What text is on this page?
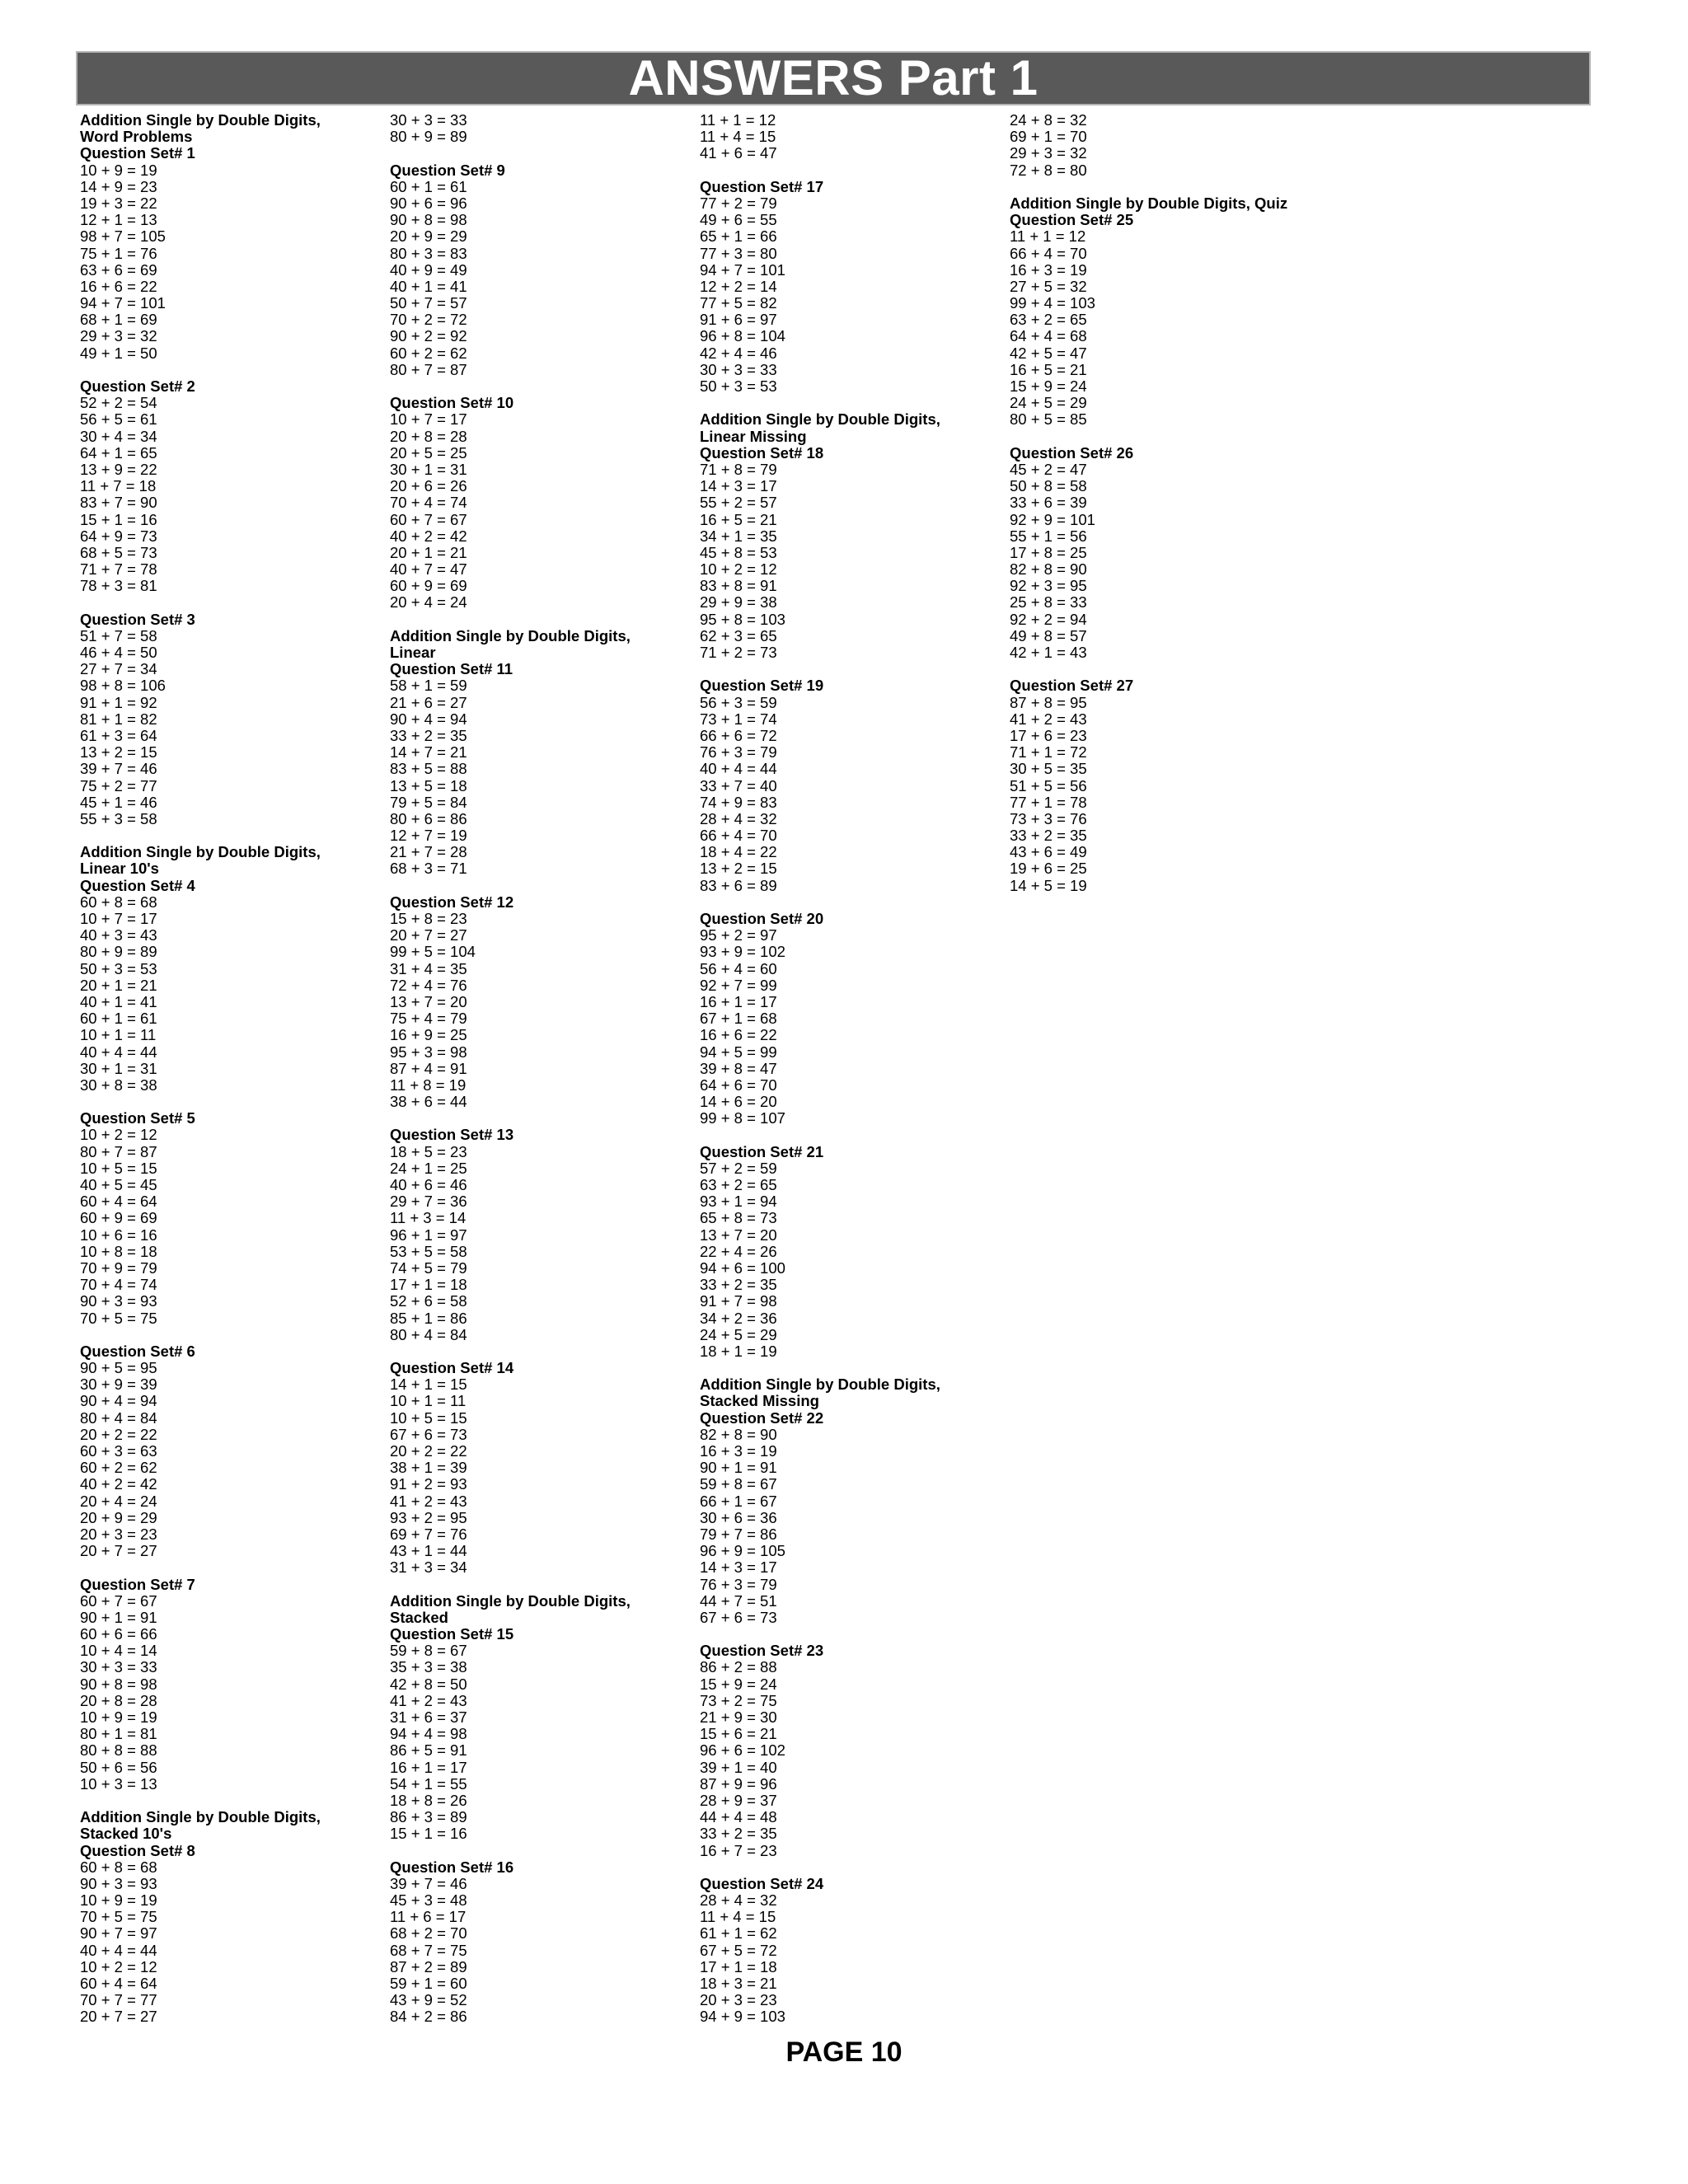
ANSWERS Part 1
Addition Single by Double Digits,
Word Problems
Question Set# 1
10 + 9 = 19
14 + 9 = 23
19 + 3 = 22
12 + 1 = 13
98 + 7 = 105
75 + 1 = 76
63 + 6 = 69
16 + 6 = 22
94 + 7 = 101
68 + 1 = 69
29 + 3 = 32
49 + 1 = 50
Question Set# 2
52 + 2 = 54
56 + 5 = 61
30 + 4 = 34
64 + 1 = 65
13 + 9 = 22
11 + 7 = 18
83 + 7 = 90
15 + 1 = 16
64 + 9 = 73
68 + 5 = 73
71 + 7 = 78
78 + 3 = 81
Question Set# 3
51 + 7 = 58
46 + 4 = 50
27 + 7 = 34
98 + 8 = 106
91 + 1 = 92
81 + 1 = 82
61 + 3 = 64
13 + 2 = 15
39 + 7 = 46
75 + 2 = 77
45 + 1 = 46
55 + 3 = 58
Addition Single by Double Digits,
Linear 10's
Question Set# 4
60 + 8 = 68
10 + 7 = 17
40 + 3 = 43
80 + 9 = 89
50 + 3 = 53
20 + 1 = 21
40 + 1 = 41
60 + 1 = 61
10 + 1 = 11
40 + 4 = 44
30 + 1 = 31
30 + 8 = 38
Question Set# 5
10 + 2 = 12
80 + 7 = 87
10 + 5 = 15
40 + 5 = 45
60 + 4 = 64
60 + 9 = 69
10 + 6 = 16
10 + 8 = 18
70 + 9 = 79
70 + 4 = 74
90 + 3 = 93
70 + 5 = 75
Question Set# 6
90 + 5 = 95
30 + 9 = 39
90 + 4 = 94
80 + 4 = 84
20 + 2 = 22
60 + 3 = 63
60 + 2 = 62
40 + 2 = 42
20 + 4 = 24
20 + 9 = 29
20 + 3 = 23
20 + 7 = 27
Question Set# 7
60 + 7 = 67
90 + 1 = 91
60 + 6 = 66
10 + 4 = 14
30 + 3 = 33
90 + 8 = 98
20 + 8 = 28
10 + 9 = 19
80 + 1 = 81
80 + 8 = 88
50 + 6 = 56
10 + 3 = 13
Addition Single by Double Digits,
Stacked 10's
Question Set# 8
60 + 8 = 68
90 + 3 = 93
10 + 9 = 19
70 + 5 = 75
90 + 7 = 97
40 + 4 = 44
10 + 2 = 12
60 + 4 = 64
70 + 7 = 77
20 + 7 = 27
30 + 3 = 33
80 + 9 = 89
Question Set# 9
60 + 1 = 61
90 + 6 = 96
90 + 8 = 98
20 + 9 = 29
80 + 3 = 83
40 + 9 = 49
40 + 1 = 41
50 + 7 = 57
70 + 2 = 72
90 + 2 = 92
60 + 2 = 62
80 + 7 = 87
Question Set# 10
10 + 7 = 17
20 + 8 = 28
20 + 5 = 25
30 + 1 = 31
20 + 6 = 26
70 + 4 = 74
60 + 7 = 67
40 + 2 = 42
20 + 1 = 21
40 + 7 = 47
60 + 9 = 69
20 + 4 = 24
Addition Single by Double Digits,
Linear
Question Set# 11
58 + 1 = 59
21 + 6 = 27
90 + 4 = 94
33 + 2 = 35
14 + 7 = 21
83 + 5 = 88
13 + 5 = 18
79 + 5 = 84
80 + 6 = 86
12 + 7 = 19
21 + 7 = 28
68 + 3 = 71
Question Set# 12
15 + 8 = 23
20 + 7 = 27
99 + 5 = 104
31 + 4 = 35
72 + 4 = 76
13 + 7 = 20
75 + 4 = 79
16 + 9 = 25
95 + 3 = 98
87 + 4 = 91
11 + 8 = 19
38 + 6 = 44
Question Set# 13
18 + 5 = 23
24 + 1 = 25
40 + 6 = 46
29 + 7 = 36
11 + 3 = 14
96 + 1 = 97
53 + 5 = 58
74 + 5 = 79
17 + 1 = 18
52 + 6 = 58
85 + 1 = 86
80 + 4 = 84
Question Set# 14
14 + 1 = 15
10 + 1 = 11
10 + 5 = 15
67 + 6 = 73
20 + 2 = 22
38 + 1 = 39
91 + 2 = 93
41 + 2 = 43
93 + 2 = 95
69 + 7 = 76
43 + 1 = 44
31 + 3 = 34
Addition Single by Double Digits,
Stacked
Question Set# 15
59 + 8 = 67
35 + 3 = 38
42 + 8 = 50
41 + 2 = 43
31 + 6 = 37
94 + 4 = 98
86 + 5 = 91
16 + 1 = 17
54 + 1 = 55
18 + 8 = 26
86 + 3 = 89
15 + 1 = 16
Question Set# 16
39 + 7 = 46
45 + 3 = 48
11 + 6 = 17
68 + 2 = 70
68 + 7 = 75
87 + 2 = 89
59 + 1 = 60
43 + 9 = 52
84 + 2 = 86
11 + 1 = 12
11 + 4 = 15
41 + 6 = 47
Question Set# 17
77 + 2 = 79
49 + 6 = 55
65 + 1 = 66
77 + 3 = 80
94 + 7 = 101
12 + 2 = 14
77 + 5 = 82
91 + 6 = 97
96 + 8 = 104
42 + 4 = 46
30 + 3 = 33
50 + 3 = 53
Addition Single by Double Digits,
Linear Missing
Question Set# 18
71 + 8 = 79
14 + 3 = 17
55 + 2 = 57
16 + 5 = 21
34 + 1 = 35
45 + 8 = 53
10 + 2 = 12
83 + 8 = 91
29 + 9 = 38
95 + 8 = 103
62 + 3 = 65
71 + 2 = 73
Question Set# 19
56 + 3 = 59
73 + 1 = 74
66 + 6 = 72
76 + 3 = 79
40 + 4 = 44
33 + 7 = 40
74 + 9 = 83
28 + 4 = 32
66 + 4 = 70
18 + 4 = 22
13 + 2 = 15
83 + 6 = 89
Question Set# 20
95 + 2 = 97
93 + 9 = 102
56 + 4 = 60
92 + 7 = 99
16 + 1 = 17
67 + 1 = 68
16 + 6 = 22
94 + 5 = 99
39 + 8 = 47
64 + 6 = 70
14 + 6 = 20
99 + 8 = 107
Question Set# 21
57 + 2 = 59
63 + 2 = 65
93 + 1 = 94
65 + 8 = 73
13 + 7 = 20
22 + 4 = 26
94 + 6 = 100
33 + 2 = 35
91 + 7 = 98
34 + 2 = 36
24 + 5 = 29
18 + 1 = 19
Addition Single by Double Digits,
Stacked Missing
Question Set# 22
82 + 8 = 90
16 + 3 = 19
90 + 1 = 91
59 + 8 = 67
66 + 1 = 67
30 + 6 = 36
79 + 7 = 86
96 + 9 = 105
14 + 3 = 17
76 + 3 = 79
44 + 7 = 51
67 + 6 = 73
Question Set# 23
86 + 2 = 88
15 + 9 = 24
73 + 2 = 75
21 + 9 = 30
15 + 6 = 21
96 + 6 = 102
39 + 1 = 40
87 + 9 = 96
28 + 9 = 37
44 + 4 = 48
33 + 2 = 35
16 + 7 = 23
Question Set# 24
28 + 4 = 32
11 + 4 = 15
61 + 1 = 62
67 + 5 = 72
17 + 1 = 18
18 + 3 = 21
20 + 3 = 23
94 + 9 = 103
24 + 8 = 32
69 + 1 = 70
29 + 3 = 32
72 + 8 = 80
Addition Single by Double Digits, Quiz
Question Set# 25
11 + 1 = 12
66 + 4 = 70
16 + 3 = 19
27 + 5 = 32
99 + 4 = 103
63 + 2 = 65
64 + 4 = 68
42 + 5 = 47
16 + 5 = 21
15 + 9 = 24
24 + 5 = 29
80 + 5 = 85
Question Set# 26
45 + 2 = 47
50 + 8 = 58
33 + 6 = 39
92 + 9 = 101
55 + 1 = 56
17 + 8 = 25
82 + 8 = 90
92 + 3 = 95
25 + 8 = 33
92 + 2 = 94
49 + 8 = 57
42 + 1 = 43
Question Set# 27
87 + 8 = 95
41 + 2 = 43
17 + 6 = 23
71 + 1 = 72
30 + 5 = 35
51 + 5 = 56
77 + 1 = 78
73 + 3 = 76
33 + 2 = 35
43 + 6 = 49
19 + 6 = 25
14 + 5 = 19
PAGE 10
